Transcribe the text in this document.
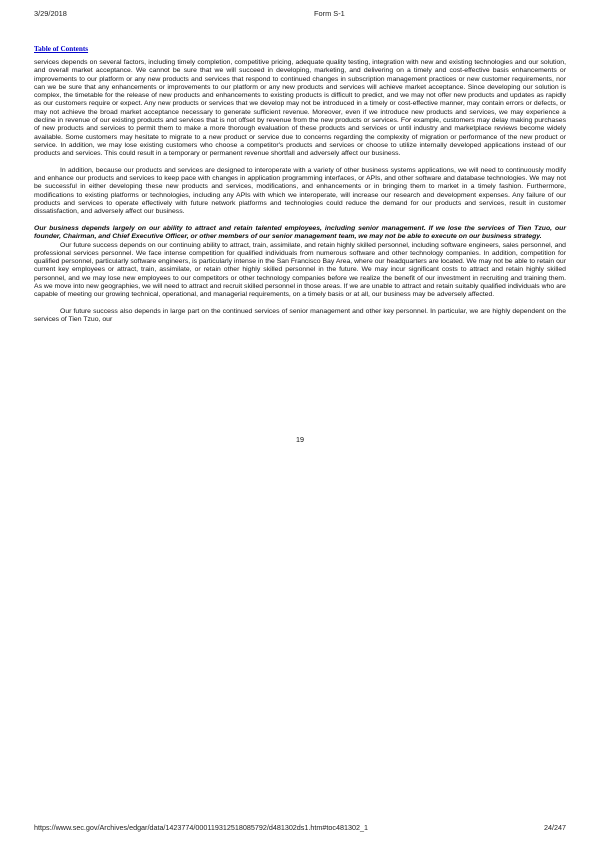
3/29/2018	Form S-1
Table of Contents

services depends on several factors, including timely completion, competitive pricing, adequate quality testing, integration with new and existing technologies and our solution, and overall market acceptance. We cannot be sure that we will succeed in developing, marketing, and delivering on a timely and cost-effective basis enhancements or improvements to our platform or any new products and services that respond to continued changes in subscription management practices or new customer requirements, nor can we be sure that any enhancements or improvements to our platform or any new products and services will achieve market acceptance. Since developing our solution is complex, the timetable for the release of new products and enhancements to existing products is difficult to predict, and we may not offer new products and updates as rapidly as our customers require or expect. Any new products or services that we develop may not be introduced in a timely or cost-effective manner, may contain errors or defects, or may not achieve the broad market acceptance necessary to generate sufficient revenue. Moreover, even if we introduce new products and services, we may experience a decline in revenue of our existing products and services that is not offset by revenue from the new products or services. For example, customers may delay making purchases of new products and services to permit them to make a more thorough evaluation of these products and services or until industry and marketplace reviews become widely available. Some customers may hesitate to migrate to a new product or service due to concerns regarding the complexity of migration or performance of the new product or service. In addition, we may lose existing customers who choose a competitor's products and services or choose to utilize internally developed applications instead of our products and services. This could result in a temporary or permanent revenue shortfall and adversely affect our business.

In addition, because our products and services are designed to interoperate with a variety of other business systems applications, we will need to continuously modify and enhance our products and services to keep pace with changes in application programming interfaces, or APIs, and other software and database technologies. We may not be successful in either developing these new products and services, modifications, and enhancements or in bringing them to market in a timely fashion. Furthermore, modifications to existing platforms or technologies, including any APIs with which we interoperate, will increase our research and development expenses. Any failure of our products and services to operate effectively with future network platforms and technologies could reduce the demand for our products and services, result in customer dissatisfaction, and adversely affect our business.

Our business depends largely on our ability to attract and retain talented employees, including senior management. If we lose the services of Tien Tzuo, our founder, Chairman, and Chief Executive Officer, or other members of our senior management team, we may not be able to execute on our business strategy.

Our future success depends on our continuing ability to attract, train, assimilate, and retain highly skilled personnel, including software engineers, sales personnel, and professional services personnel. We face intense competition for qualified individuals from numerous software and other technology companies. In addition, competition for qualified personnel, particularly software engineers, is particularly intense in the San Francisco Bay Area, where our headquarters are located. We may not be able to retain our current key employees or attract, train, assimilate, or retain other highly skilled personnel in the future. We may incur significant costs to attract and retain highly skilled personnel, and we may lose new employees to our competitors or other technology companies before we realize the benefit of our investment in recruiting and training them. As we move into new geographies, we will need to attract and recruit skilled personnel in those areas. If we are unable to attract and retain suitably qualified individuals who are capable of meeting our growing technical, operational, and managerial requirements, on a timely basis or at all, our business may be adversely affected.

Our future success also depends in large part on the continued services of senior management and other key personnel. In particular, we are highly dependent on the services of Tien Tzuo, our

19
https://www.sec.gov/Archives/edgar/data/1423774/000119312518085792/d481302ds1.htm#toc481302_1	24/247
